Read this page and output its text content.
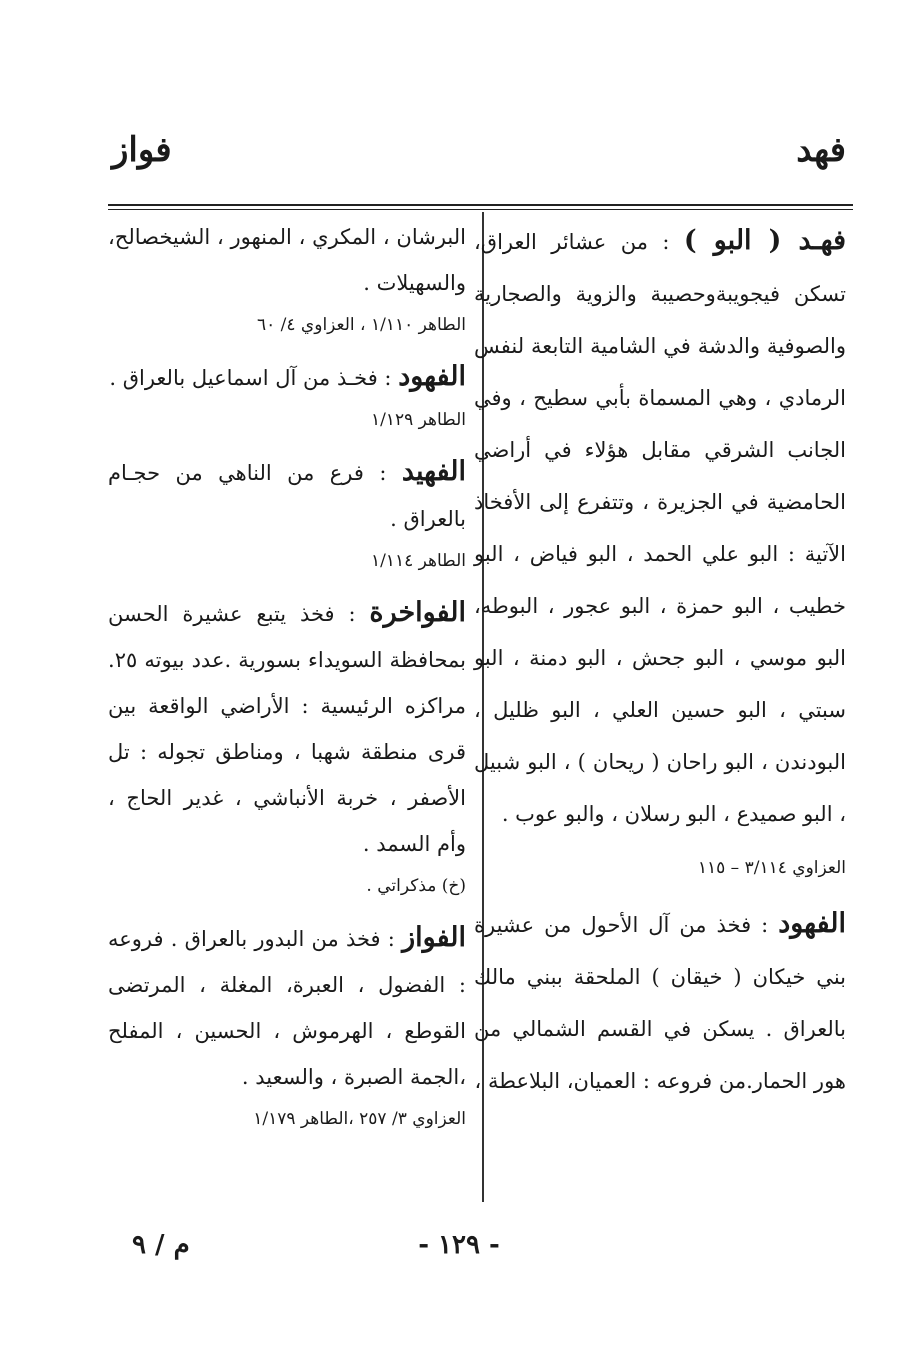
فهد
فواز

فهـد ( البو ) : من عشائر العراق، تسكن فيجويبةوحصيبة والزوية والصجارية والصوفية والدشة في الشامية التابعة لنفس الرمادي ، وهي المسماة بأبي سطيح ، وفي الجانب الشرقي مقابل هؤلاء في أراضي الحامضية في الجزيرة ، وتتفرع إلى الأفخاذ الآتية : البو علي الحمد ، البو فياض ، البو خطيب ، البو حمزة ، البو عجور ، البوطه، البو موسي ، البو جحش ، البو دمنة ، البو سبتي ، البو حسين العلي ، البو ظليل ، البودندن ، البو راحان ( ريحان ) ، البو شبيل ، البو صميدع ، البو رسلان ، والبو عوب .

العزاوي ٣/١١٤ – ١١٥

الفهود : فخذ من آل الأحول من عشيرة بني خيكان ( خيقان ) الملحقة ببني مالك بالعراق . يسكن في القسم الشمالي من هور الحمار.من فروعه : العميان، البلاعطة ،

البرشان ، المكري ، المنهور ، الشيخصالح، والسهيلات .

الطاهر ١/١١٠ ، العزاوي ٤/ ٦٠

الفهود : فخـذ من آل اسماعيل بالعراق .

الطاهر ١/١٢٩

الفهيد : فرع من الناهي من حجـام بالعراق .

الطاهر ١/١١٤

الفواخرة : فخذ يتبع عشيرة الحسن بمحافظة السويداء بسورية .عدد بيوته ٢٥. مراكزه الرئيسية : الأراضي الواقعة بين قرى منطقة شهبا ، ومناطق تجوله : تل الأصفر ، خربة الأنباشي ، غدير الحاج ، وأم السمد .

(خ) مذكراتي .

الفواز : فخذ من البدور بالعراق . فروعه : الفضول ، العبرة، المغلة ، المرتضى القوطع ، الهرموش ، الحسين ، المفلح ،الجمة الصبرة ، والسعيد .

العزاوي ٣/ ٢٥٧ ،الطاهر ١/١٧٩

- ١٢٩ -
م / ٩
